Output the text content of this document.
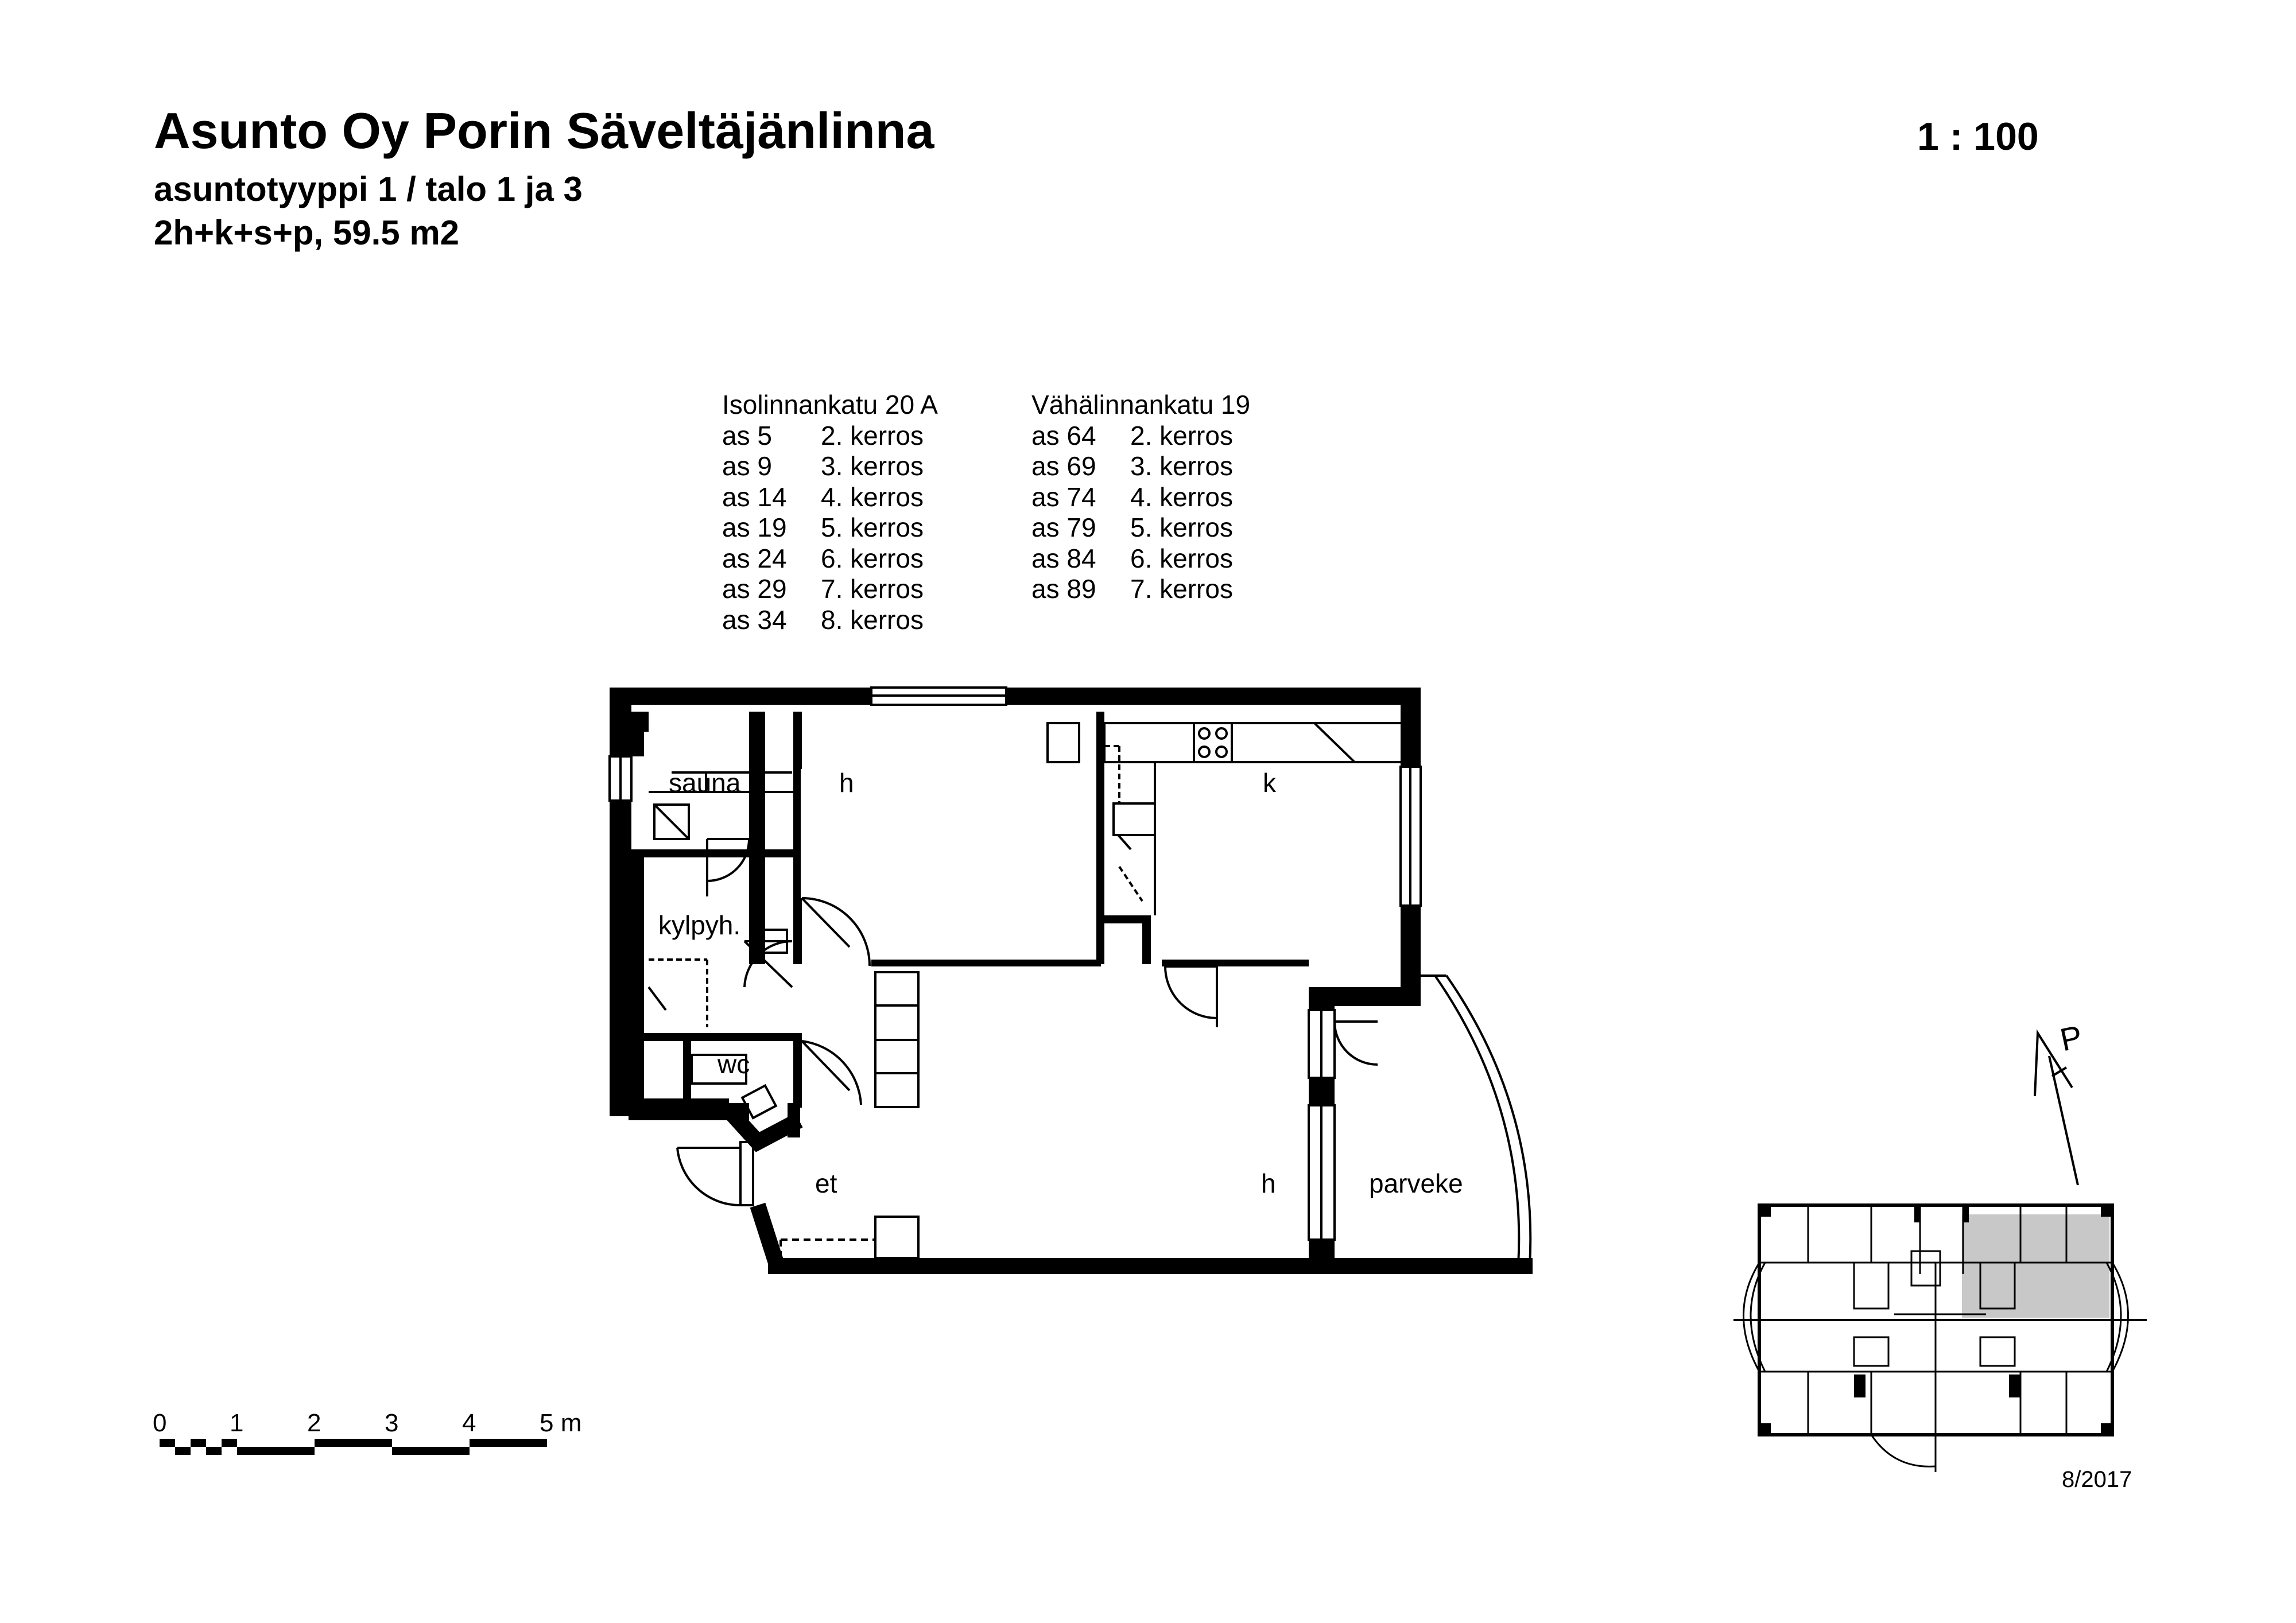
Asunto Oy Porin Säveltäjänlinna
asuntotyyppi 1 / talo 1 ja 3
2h+k+s+p, 59.5 m2
1 : 100
Isolinnankatu 20 A
as 5	2. kerros
as 9	3. kerros
as 14	4. kerros
as 19	5. kerros
as 24	6. kerros
as 29	7. kerros
as 34	8. kerros
Vähälinnankatu 19
as 64	2. kerros
as 69	3. kerros
as 74	4. kerros
as 79	5. kerros
as 84	6. kerros
as 89	7. kerros
sauna	h	k
kylpyh.
wc
et	h	parveke
P
0 1	2	3	4	5 m
8/2017
